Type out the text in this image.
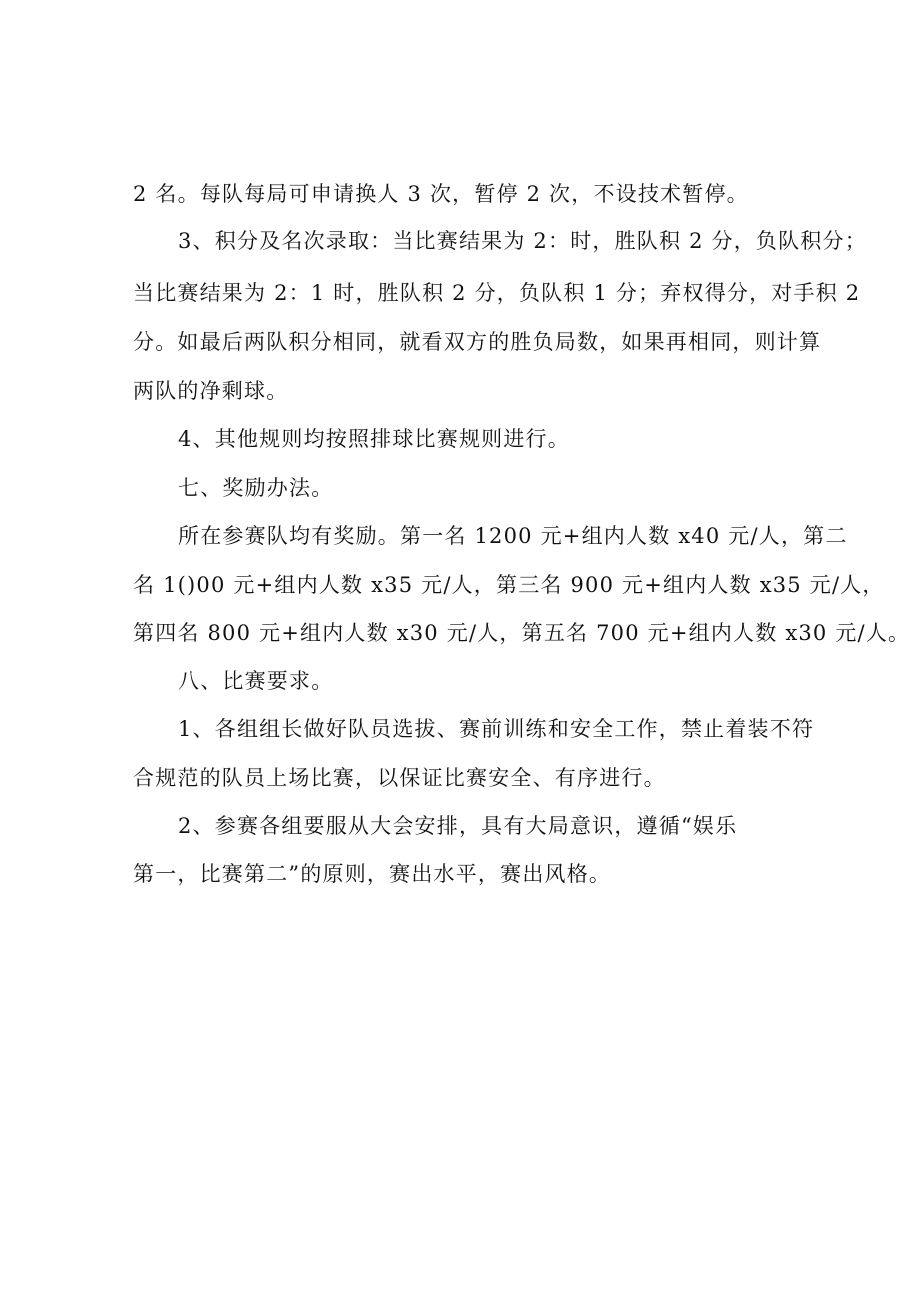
2 名。每队每局可申请换人 3 次，暂停 2 次，不设技术暂停。
3、积分及名次录取：当比赛结果为 2：时，胜队积 2 分，负队积分；
当比赛结果为 2：1 时，胜队积 2 分，负队积 1 分；弃权得分，对手积 2
分。如最后两队积分相同，就看双方的胜负局数，如果再相同，则计算
两队的净剩球。
4、其他规则均按照排球比赛规则进行。
七、奖励办法。
所在参赛队均有奖励。第一名 1200 元+组内人数 x40 元/人，第二
名 1()00 元+组内人数 x35 元/人，第三名 900 元+组内人数 x35 元/人，
第四名 800 元+组内人数 x30 元/人，第五名 700 元+组内人数 x30 元/人。
八、比赛要求。
1、各组组长做好队员选拔、赛前训练和安全工作，禁止着装不符
合规范的队员上场比赛，以保证比赛安全、有序进行。
2、参赛各组要服从大会安排，具有大局意识，遵循“娱乐
第一，比赛第二”的原则，赛出水平，赛出风格。
